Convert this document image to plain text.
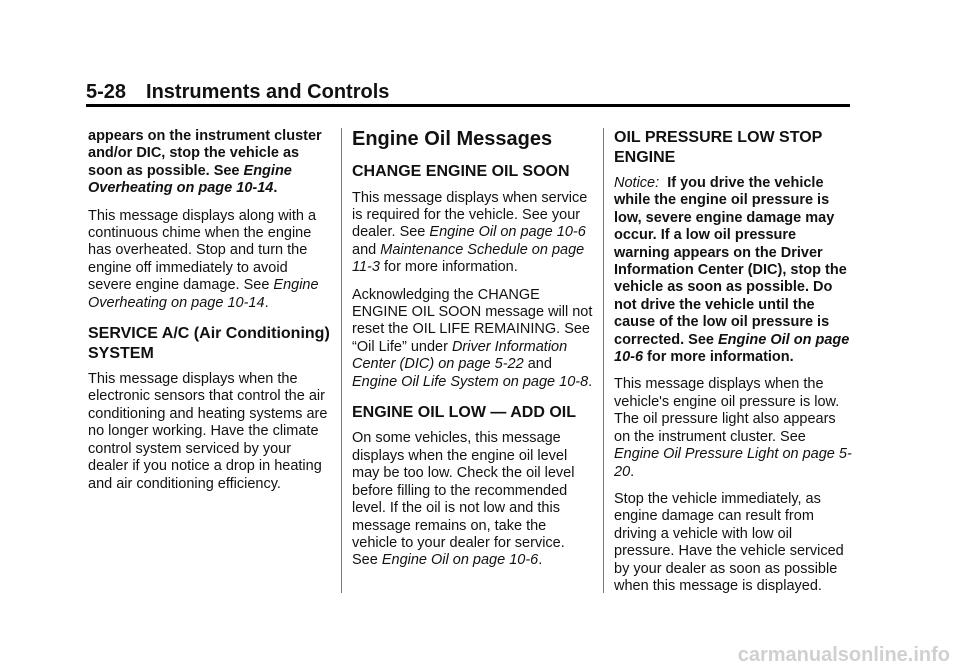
5-28 Instruments and Controls

appears on the instrument cluster and/or DIC, stop the vehicle as soon as possible. See Engine Overheating on page 10-14.

This message displays along with a continuous chime when the engine has overheated. Stop and turn the engine off immediately to avoid severe engine damage. See Engine Overheating on page 10-14.

SERVICE A/C (Air Conditioning) SYSTEM

This message displays when the electronic sensors that control the air conditioning and heating systems are no longer working. Have the climate control system serviced by your dealer if you notice a drop in heating and air conditioning efficiency.

Engine Oil Messages
CHANGE ENGINE OIL SOON

This message displays when service is required for the vehicle. See your dealer. See Engine Oil on page 10-6 and Maintenance Schedule on page 11-3 for more information.

Acknowledging the CHANGE ENGINE OIL SOON message will not reset the OIL LIFE REMAINING. See “Oil Life” under Driver Information Center (DIC) on page 5-22 and Engine Oil Life System on page 10-8.

ENGINE OIL LOW — ADD OIL

On some vehicles, this message displays when the engine oil level may be too low. Check the oil level before filling to the recommended level. If the oil is not low and this message remains on, take the vehicle to your dealer for service. See Engine Oil on page 10-6.

OIL PRESSURE LOW STOP ENGINE

Notice:  If you drive the vehicle while the engine oil pressure is low, severe engine damage may occur. If a low oil pressure warning appears on the Driver Information Center (DIC), stop the vehicle as soon as possible. Do not drive the vehicle until the cause of the low oil pressure is corrected. See Engine Oil on page 10-6 for more information.

This message displays when the vehicle's engine oil pressure is low. The oil pressure light also appears on the instrument cluster. See Engine Oil Pressure Light on page 5-20.

Stop the vehicle immediately, as engine damage can result from driving a vehicle with low oil pressure. Have the vehicle serviced by your dealer as soon as possible when this message is displayed.

carmanualsonline.info
